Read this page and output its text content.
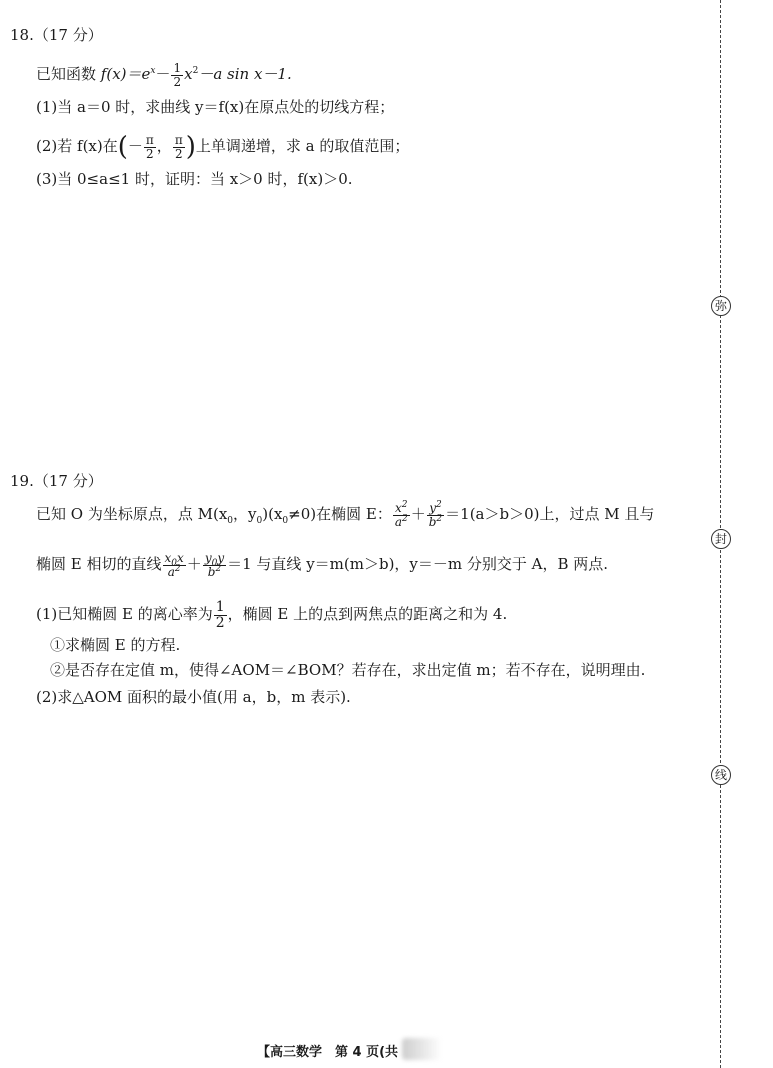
18.（17 分）
已知函数 $f(x)=e^x- \frac{1}{2} x^2-a$ sin x－1.
(1)当 a＝0 时，求曲线 y＝f(x)在原点处的切线方程；
(2)若 f(x)在(－ $\frac{\pi}{2}$ ， $\frac{\pi}{2}$ )上单调递增，求 a 的取值范围；
(3)当 0≤a≤1 时，证明：当 x＞0 时，f(x)＞0.
19.（17 分）
已知 O 为坐标原点，点 $M(x_0$，$y_0)(x_0\ne 0)$在椭圆 E： $\frac{x^2}{a^2} + \frac{y^2}{b^2} =1(a>b>0)$上，过点 M 且与
椭圆 E 相切的直线 $\frac{x_0x}{a^2} + \frac{y_0y}{b^2} =1$ 与直线 y＝m(m＞b)，y＝－m 分别交于 A，B 两点.
(1)已知椭圆 E 的离心率为 $\frac{1}{2}$ ，椭圆 E 上的点到两焦点的距离之和为 4.
①求椭圆 E 的方程.
②是否存在定值 m，使得∠AOM＝∠BOM？若存在，求出定值 m；若不存在，说明理由.
(2)求△AOM 面积的最小值(用 a，b，m 表示).
弥
封
线
【高三数学　第 4 页(共
